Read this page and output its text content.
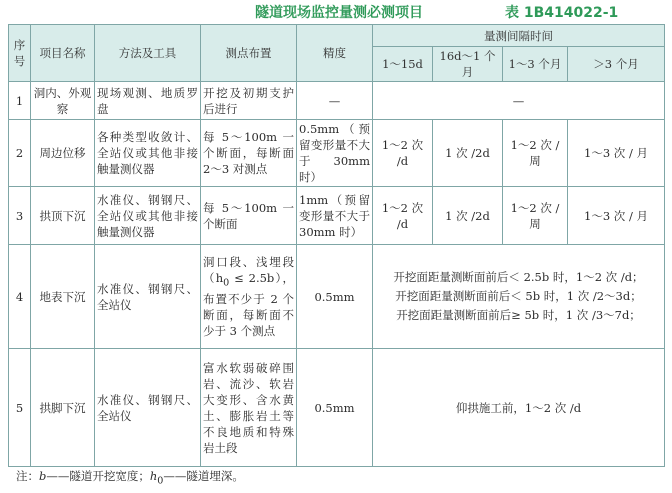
隧道现场监控量测必测项目	表 1B414022-1
序号	项目名称	方法及工具	测点布置	精度	量测间隔时间			
					1～15d	16d～1 个月	1～3 个月	＞3 个月
1	洞内、外观察	现场观测、地质罗盘	开挖及初期支护后进行	—	—			
2	周边位移	各种类型收敛计、全站仪或其他非接触量测仪器	每 5～100m 一个断面，每断面 2～3 对测点	0.5mm（预留变形量不大于 30mm 时）	1～2 次 /d	1 次 /2d	1～2 次 / 周	1～3 次 / 月
3	拱顶下沉	水准仪、钢钢尺、全站仪或其他非接触量测仪器	每 5～100m 一个断面	1mm（预留变形量不大于 30mm 时）	1～2 次 /d	1 次 /2d	1～2 次 / 周	1～3 次 / 月
4	地表下沉	水准仪、钢钢尺、全站仪	洞口段、浅埋段$(h_0 \le 2.5b)$，布置不少于 2 个断面，每断面不少于 3 个测点	0.5mm	开挖面距量测断面前后＜ 2.5b 时，1～2 次 /d；
开挖面距量测断面前后＜ 5b 时，1 次 /2～3d；
开挖面距量测断面前后≥ 5b 时，1 次 /3～7d；			

5	拱脚下沉	水准仪、钢钢尺、全站仪	富水软弱破碎围岩、流沙、软岩大变形、含水黄土、膨胀岩土等不良地质和特殊岩土段	0.5mm	仰拱施工前，1～2 次 /d			
注：b——隧道开挖宽度；$h_0——$隧道埋深。
